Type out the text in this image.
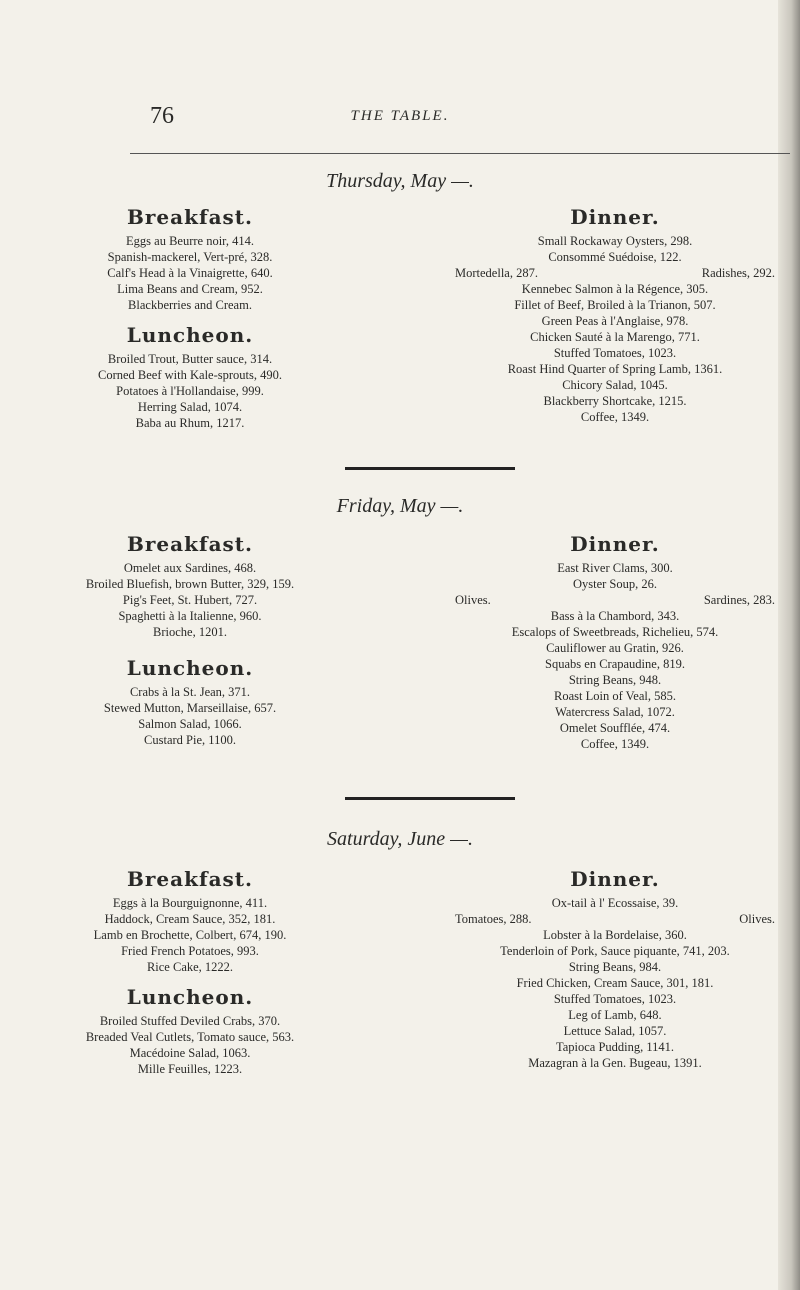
76	THE TABLE.
Thursday, May —.
Breakfast.
Eggs au Beurre noir, 414.
Spanish-mackerel, Vert-pré, 328.
Calf's Head à la Vinaigrette, 640.
Lima Beans and Cream, 952.
Blackberries and Cream.
Luncheon.
Broiled Trout, Butter sauce, 314.
Corned Beef with Kale-sprouts, 490.
Potatoes à l'Hollandaise, 999.
Herring Salad, 1074.
Baba au Rhum, 1217.
Dinner.
Small Rockaway Oysters, 298.
Consommé Suédoise, 122.
Mortedella, 287.	Radishes, 292.
Kennebec Salmon à la Régence, 305.
Fillet of Beef, Broiled à la Trianon, 507.
Green Peas à l'Anglaise, 978.
Chicken Sauté à la Marengo, 771.
Stuffed Tomatoes, 1023.
Roast Hind Quarter of Spring Lamb, 1361.
Chicory Salad, 1045.
Blackberry Shortcake, 1215.
Coffee, 1349.
Friday, May —.
Breakfast.
Omelet aux Sardines, 468.
Broiled Bluefish, brown Butter, 329, 159.
Pig's Feet, St. Hubert, 727.
Spaghetti à la Italienne, 960.
Brioche, 1201.
Luncheon.
Crabs à la St. Jean, 371.
Stewed Mutton, Marseillaise, 657.
Salmon Salad, 1066.
Custard Pie, 1100.
Dinner.
East River Clams, 300.
Oyster Soup, 26.
Olives.	Sardines, 283.
Bass à la Chambord, 343.
Escalops of Sweetbreads, Richelieu, 574.
Cauliflower au Gratin, 926.
Squabs en Crapaudine, 819.
String Beans, 948.
Roast Loin of Veal, 585.
Watercress Salad, 1072.
Omelet Soufflée, 474.
Coffee, 1349.
Saturday, June —.
Breakfast.
Eggs à la Bourguignonne, 411.
Haddock, Cream Sauce, 352, 181.
Lamb en Brochette, Colbert, 674, 190.
Fried French Potatoes, 993.
Rice Cake, 1222.
Luncheon.
Broiled Stuffed Deviled Crabs, 370.
Breaded Veal Cutlets, Tomato sauce, 563.
Macédoine Salad, 1063.
Mille Feuilles, 1223.
Dinner.
Ox-tail à l' Ecossaise, 39.
Tomatoes, 288.	Olives.
Lobster à la Bordelaise, 360.
Tenderloin of Pork, Sauce piquante, 741, 203.
String Beans, 984.
Fried Chicken, Cream Sauce, 301, 181.
Stuffed Tomatoes, 1023.
Leg of Lamb, 648.
Lettuce Salad, 1057.
Tapioca Pudding, 1141.
Mazagran à la Gen. Bugeau, 1391.
